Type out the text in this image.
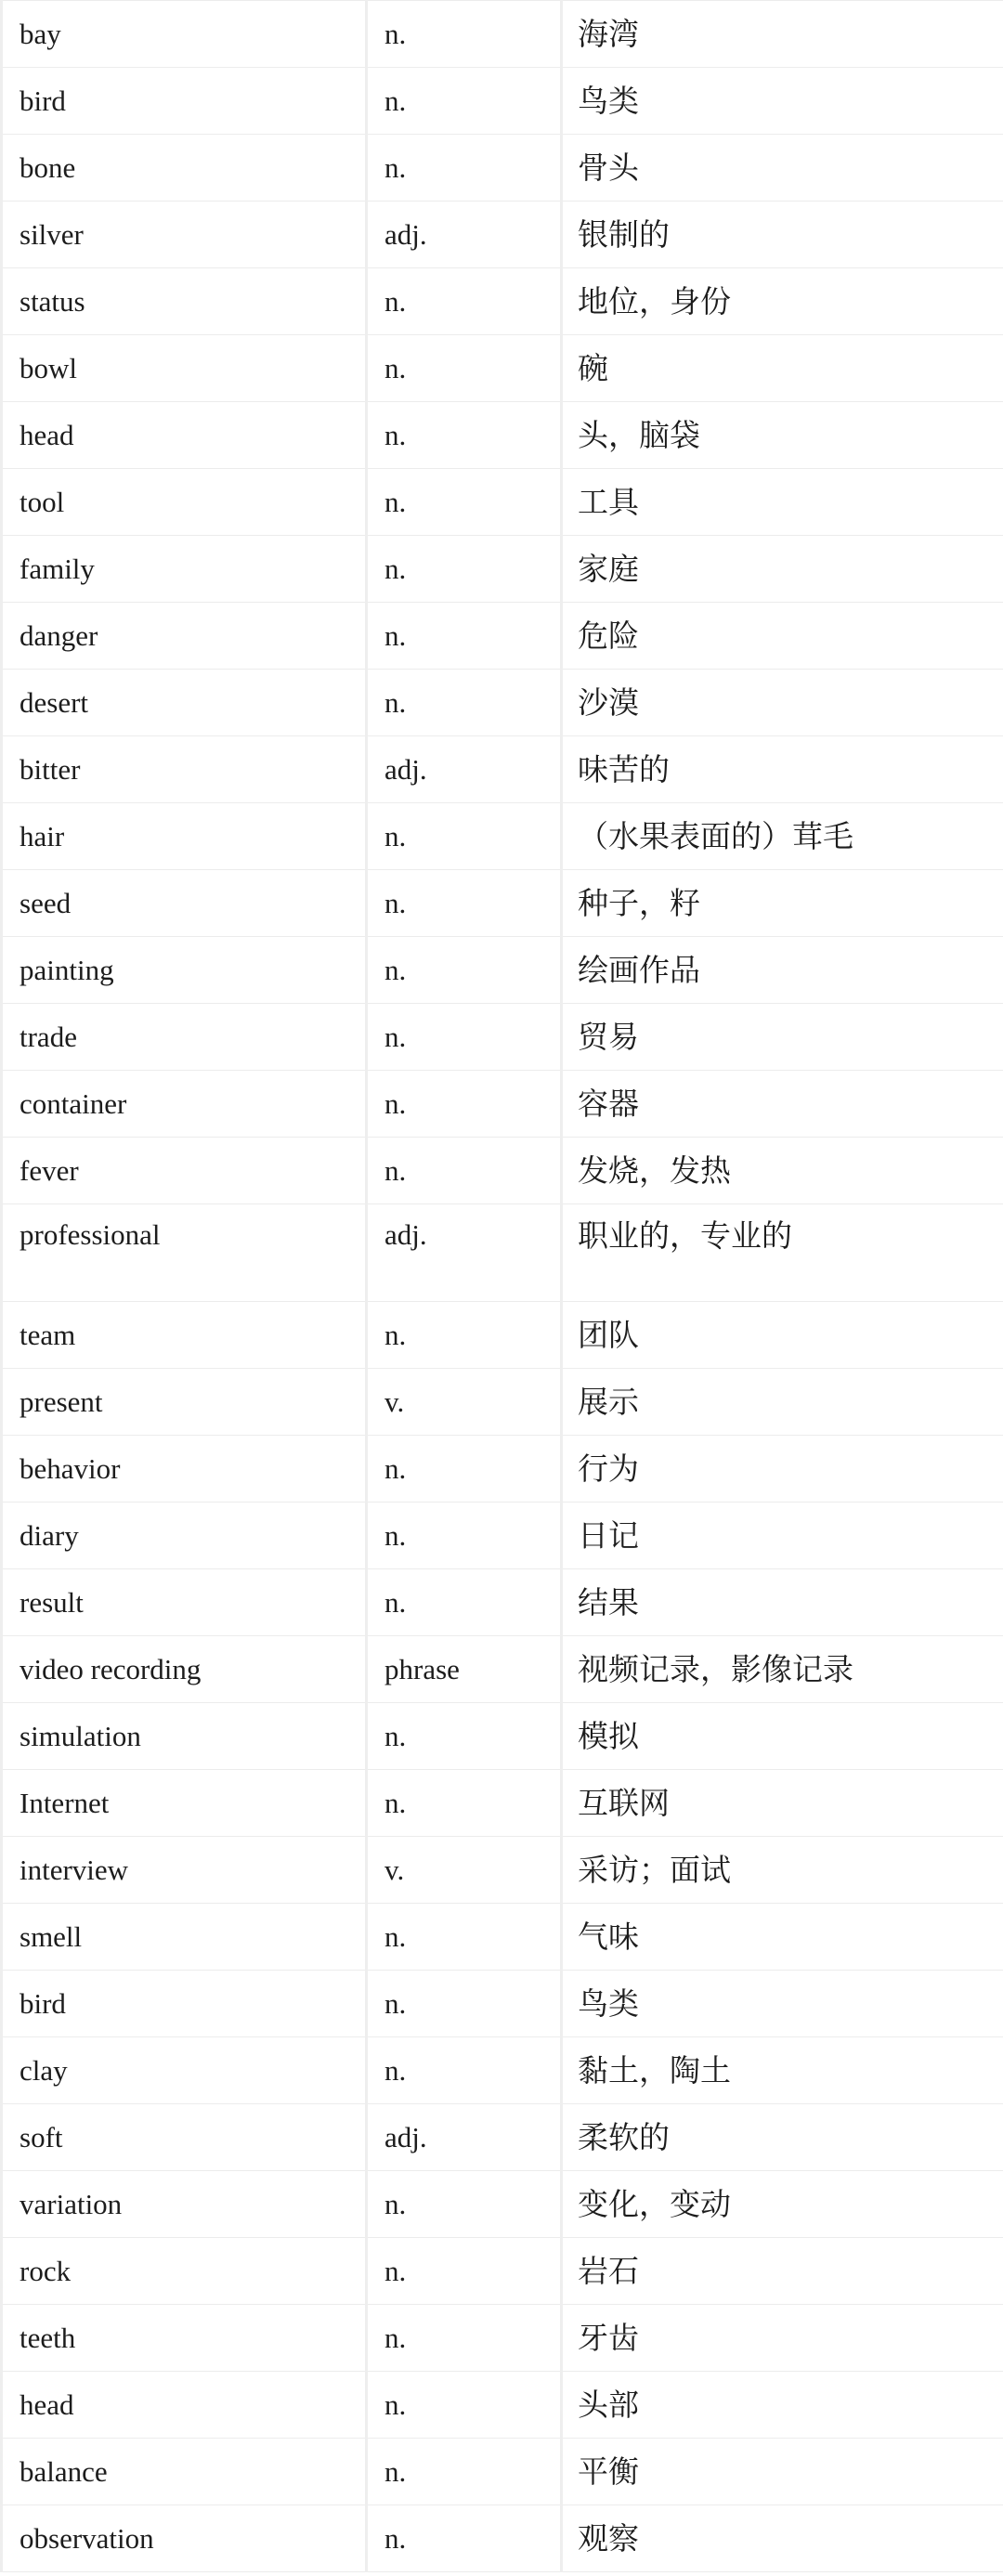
bay	n.	海湾
bird	n.	鸟类
bone	n.	骨头
silver	adj.	银制的
status	n.	地位，身份
bowl	n.	碗
head	n.	头，脑袋
tool	n.	工具
family	n.	家庭
danger	n.	危险
desert	n.	沙漠
bitter	adj.	味苦的
hair	n.	（水果表面的）茸毛
seed	n.	种子，籽
painting	n.	绘画作品
trade	n.	贸易
container	n.	容器
fever	n.	发烧，发热
professional	adj.	职业的，专业的
team	n.	团队
present	v.	展示
behavior	n.	行为
diary	n.	日记
result	n.	结果
video recording	phrase	视频记录，影像记录
simulation	n.	模拟
Internet	n.	互联网
interview	v.	采访；面试
smell	n.	气味
bird	n.	鸟类
clay	n.	黏土，陶土
soft	adj.	柔软的
variation	n.	变化，变动
rock	n.	岩石
teeth	n.	牙齿
head	n.	头部
balance	n.	平衡
observation	n.	观察
